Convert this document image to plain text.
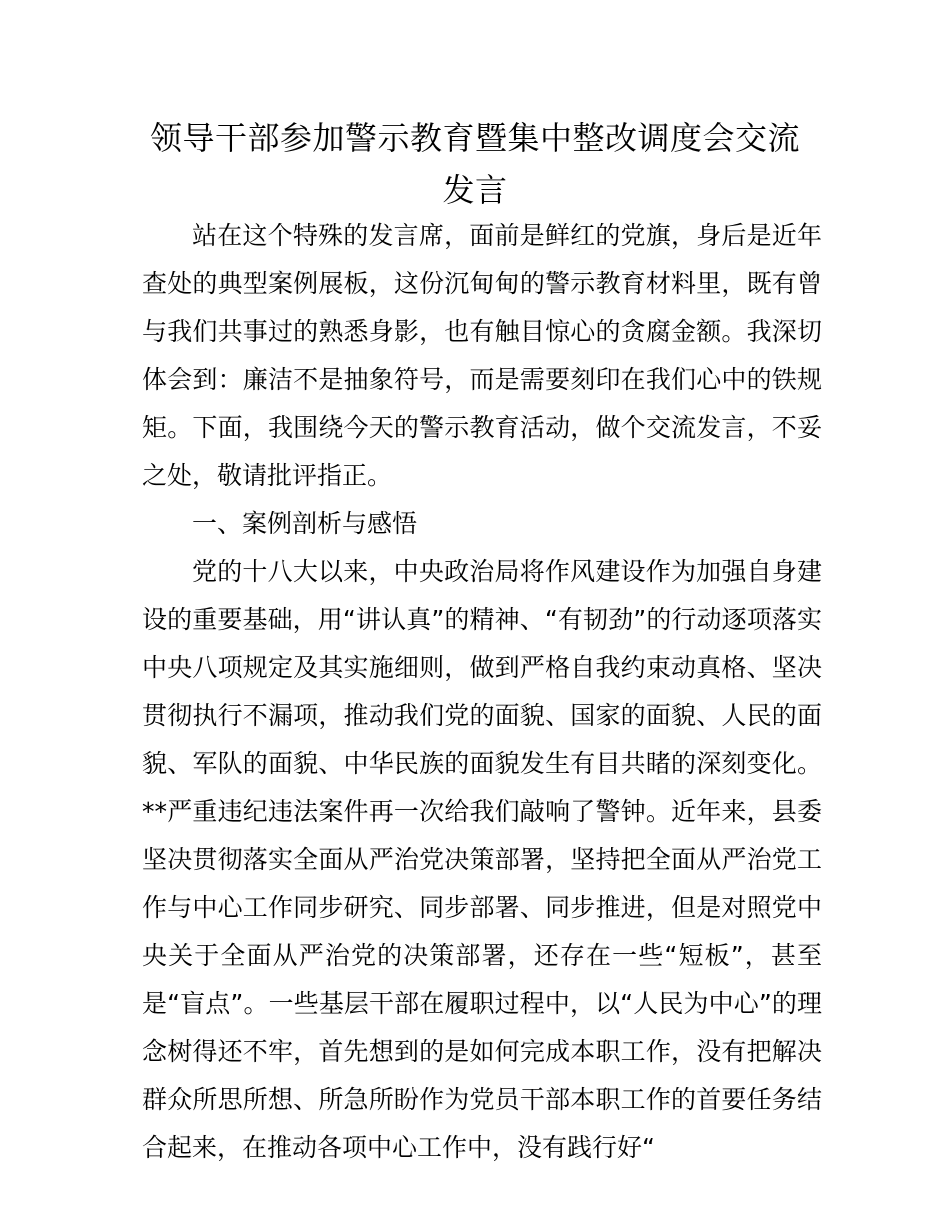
领导干部参加警示教育暨集中整改调度会交流
发言

站在这个特殊的发言席，面前是鲜红的党旗，身后是近年查处的典型案例展板，这份沉甸甸的警示教育材料里，既有曾与我们共事过的熟悉身影，也有触目惊心的贪腐金额。我深切体会到：廉洁不是抽象符号，而是需要刻印在我们心中的铁规矩。下面，我围绕今天的警示教育活动，做个交流发言，不妥之处，敬请批评指正。

一、案例剖析与感悟

党的十八大以来，中央政治局将作风建设作为加强自身建设的重要基础，用“讲认真”的精神、“有韧劲”的行动逐项落实中央八项规定及其实施细则，做到严格自我约束动真格、坚决贯彻执行不漏项，推动我们党的面貌、国家的面貌、人民的面貌、军队的面貌、中华民族的面貌发生有目共睹的深刻变化。**严重违纪违法案件再一次给我们敲响了警钟。近年来，县委坚决贯彻落实全面从严治党决策部署，坚持把全面从严治党工作与中心工作同步研究、同步部署、同步推进，但是对照党中央关于全面从严治党的决策部署，还存在一些“短板”，甚至是“盲点”。一些基层干部在履职过程中，以“人民为中心”的理念树得还不牢，首先想到的是如何完成本职工作，没有把解决群众所思所想、所急所盼作为党员干部本职工作的首要任务结合起来，在推动各项中心工作中，没有践行好“
